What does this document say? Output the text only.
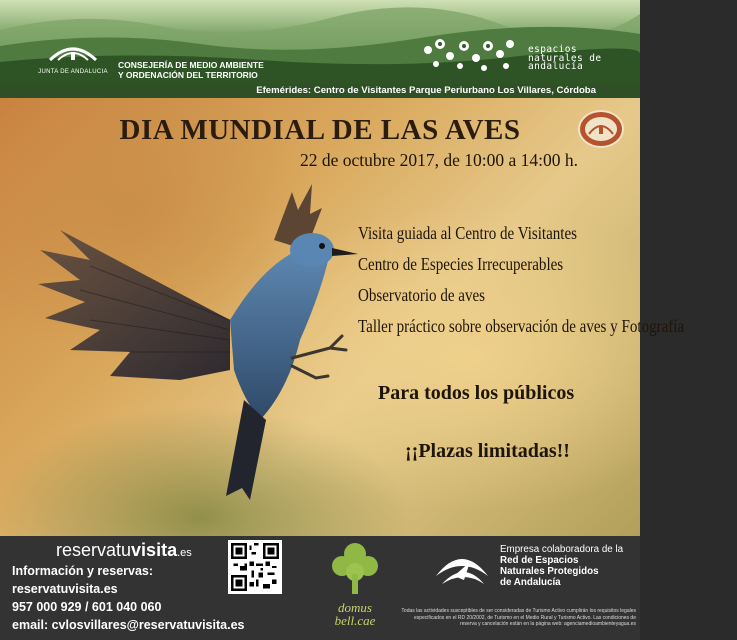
JUNTA DE ANDALUCIA
CONSEJERÍA DE MEDIO AMBIENTE
Y ORDENACIÓN DEL TERRITORIO
espacios
naturales de
andalucía
Efemérides: Centro de Visitantes Parque Periurbano Los Villares, Córdoba
DIA MUNDIAL DE LAS AVES
22 de octubre 2017, de 10:00 a 14:00 h.
Visita guiada al Centro de Visitantes
Centro de Especies Irrecuperables
Observatorio de aves
Taller práctico sobre observación de aves y Fotografía
Para todos los públicos
¡¡Plazas limitadas!!
reservatuvisita.es
Información y reservas:
reservatuvisita.es
957 000 929 / 601 040 060
email: cvlosvillares@reservatuvisita.es
domus
bell.cae
Empresa colaboradora de la
Red de Espacios
Naturales Protegidos
de Andalucía
Todas las actividades susceptibles de ser consideradas de Turismo Activo cumplirán los requisitos legales especificados en el RD 20/2002, de Turismo en el Medio Rural y Turismo Activo. Las condiciones de reserva y cancelación están en la página web: agenciamedioambienteyagua.es
